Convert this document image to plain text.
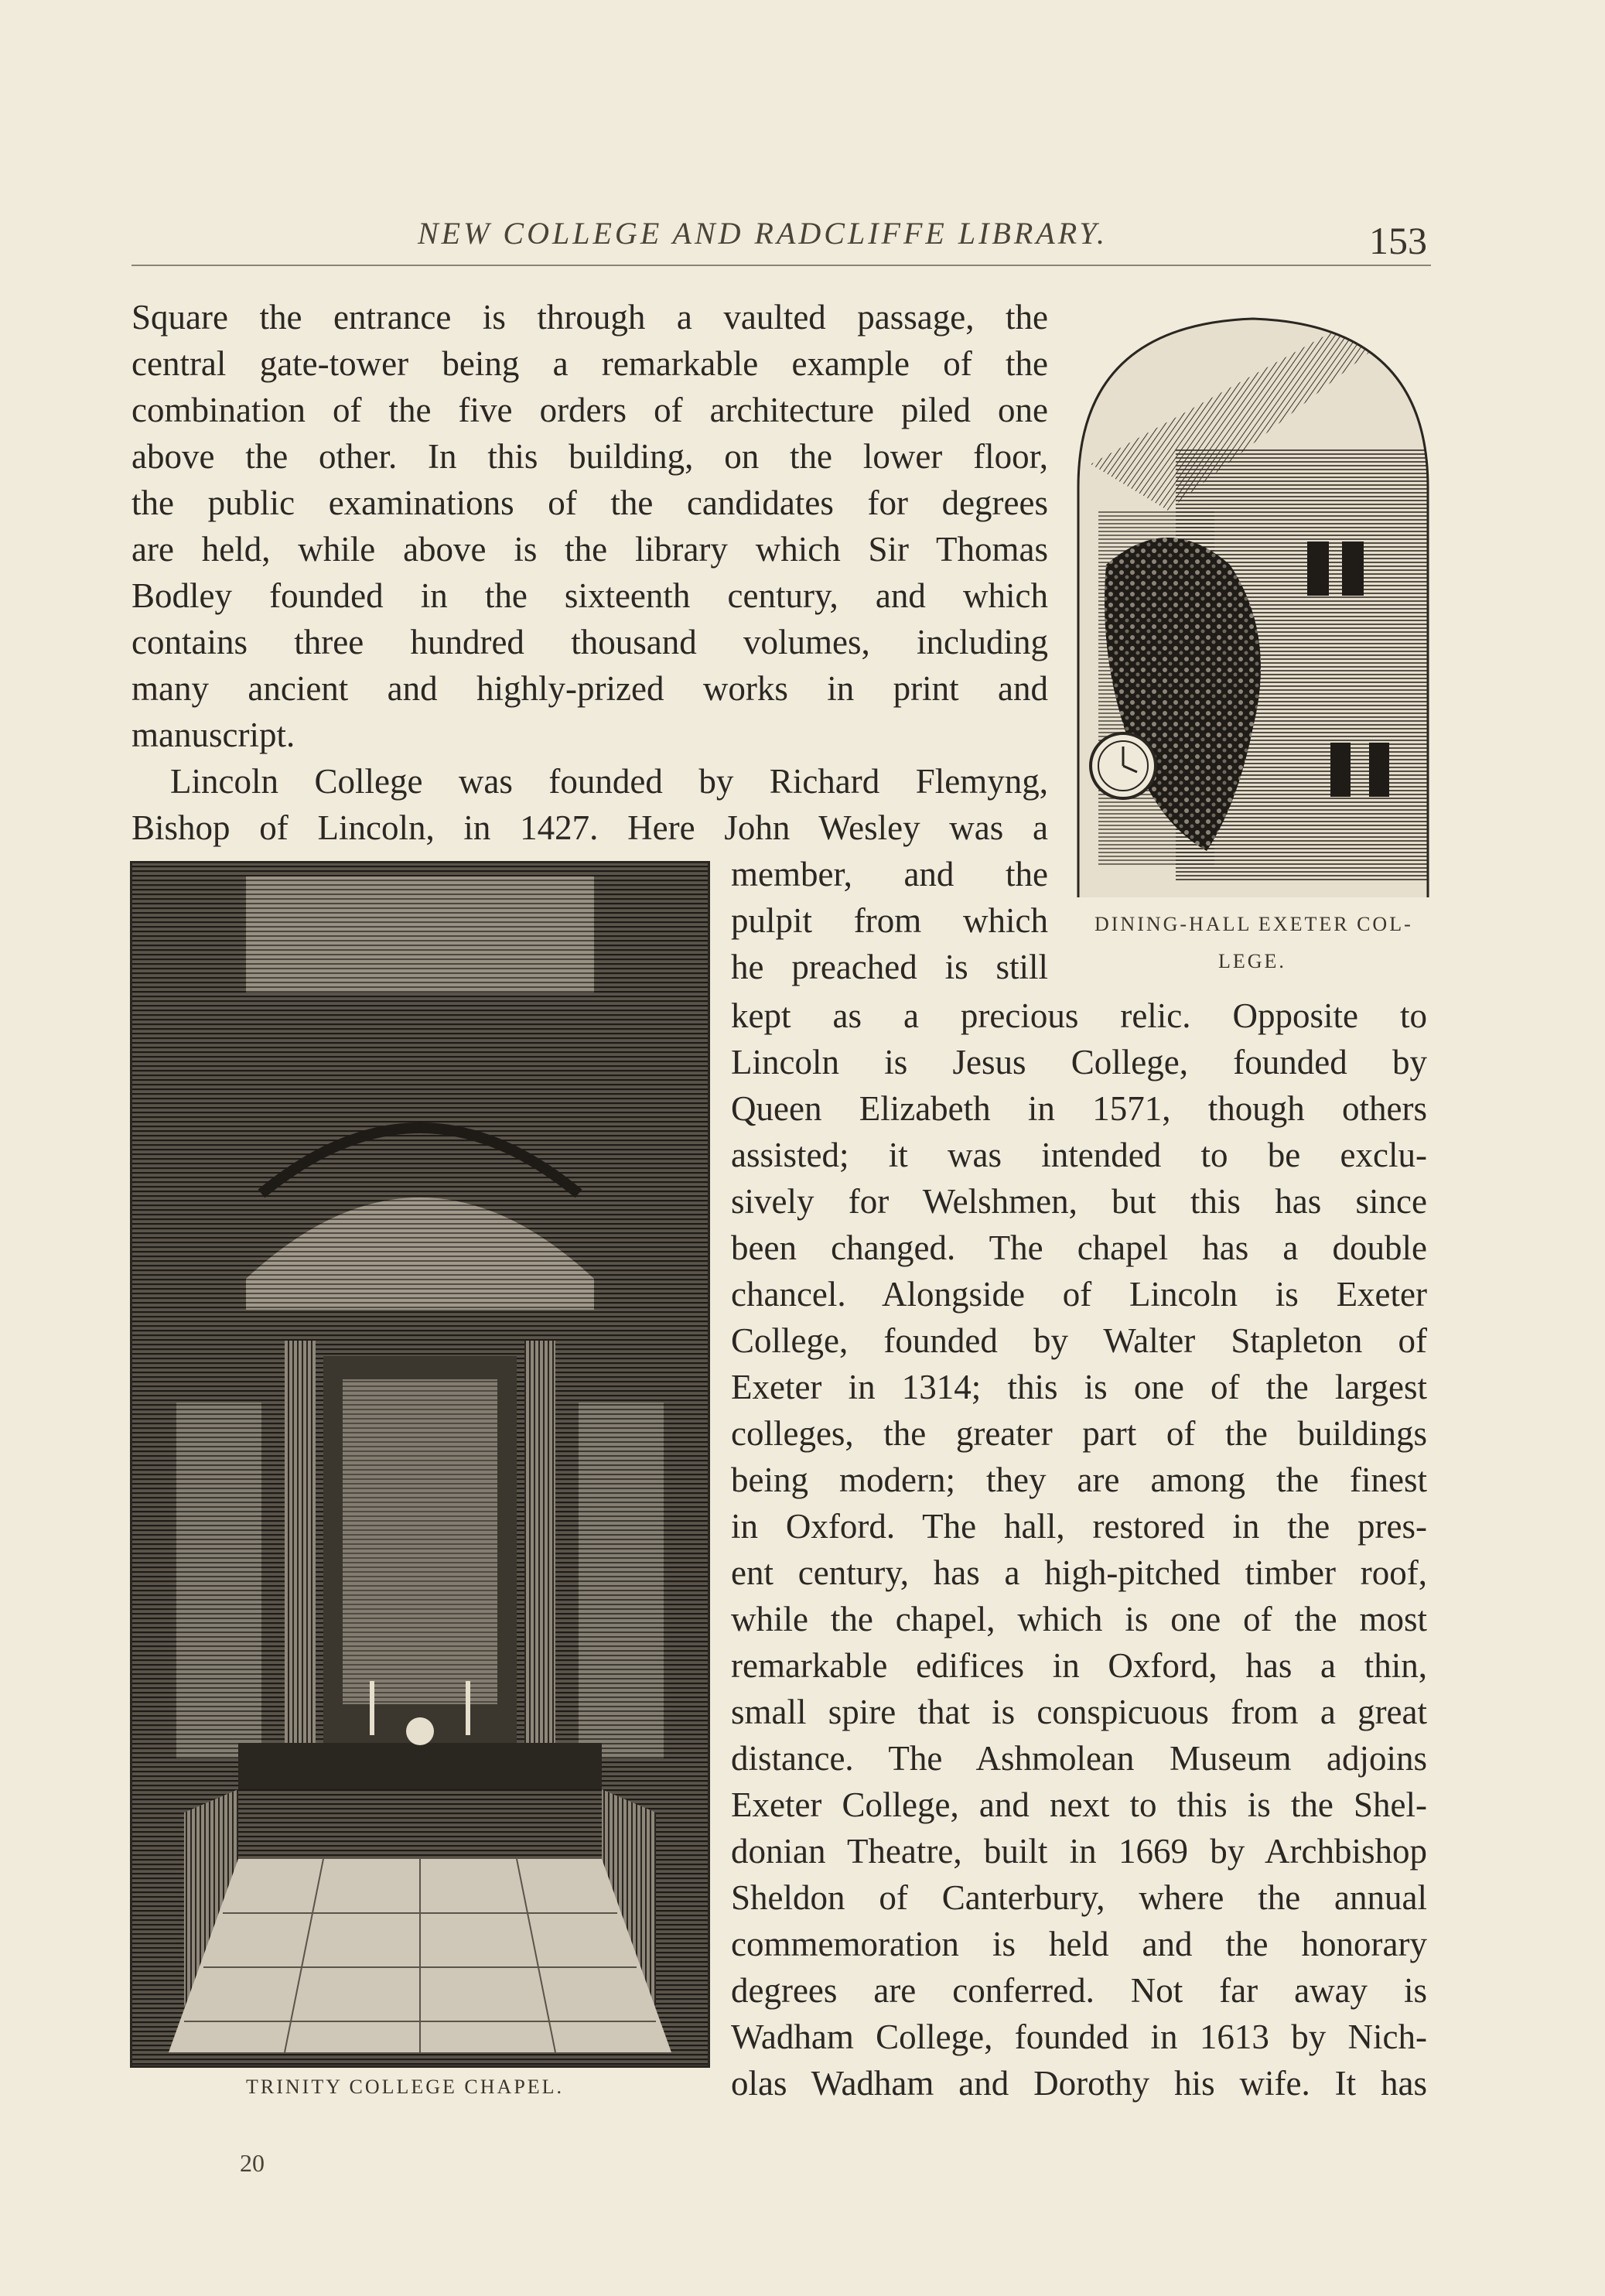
NEW COLLEGE AND RADCLIFFE LIBRARY.	153
Square the entrance is through a vaulted passage, the
central gate-tower being a remarkable example of the
combination of the five orders of architecture piled one
above the other. In this building, on the lower floor,
the public examinations of the candidates for degrees
are held, while above is the library which Sir Thomas
Bodley founded in the sixteenth century, and which
contains three hundred thousand volumes, including
many ancient and highly-prized works in print and
manuscript.
Lincoln College was founded by Richard Flemyng,
Bishop of Lincoln, in 1427. Here John Wesley was a
member, and the
pulpit from which
he preached is still
kept as a precious relic. Opposite to
Lincoln is Jesus College, founded by
Queen Elizabeth in 1571, though others
assisted; it was intended to be exclu-
sively for Welshmen, but this has since
been changed. The chapel has a double
chancel. Alongside of Lincoln is Exeter
College, founded by Walter Stapleton of
Exeter in 1314; this is one of the largest
colleges, the greater part of the buildings
being modern; they are among the finest
in Oxford. The hall, restored in the pres-
ent century, has a high-pitched timber roof,
while the chapel, which is one of the most
remarkable edifices in Oxford, has a thin,
small spire that is conspicuous from a great
distance. The Ashmolean Museum adjoins
Exeter College, and next to this is the Shel-
donian Theatre, built in 1669 by Archbishop
Sheldon of Canterbury, where the annual
commemoration is held and the honorary
degrees are conferred. Not far away is
Wadham College, founded in 1613 by Nich-
olas Wadham and Dorothy his wife. It has
DINING-HALL EXETER COL-
LEGE.
TRINITY COLLEGE CHAPEL.
20
